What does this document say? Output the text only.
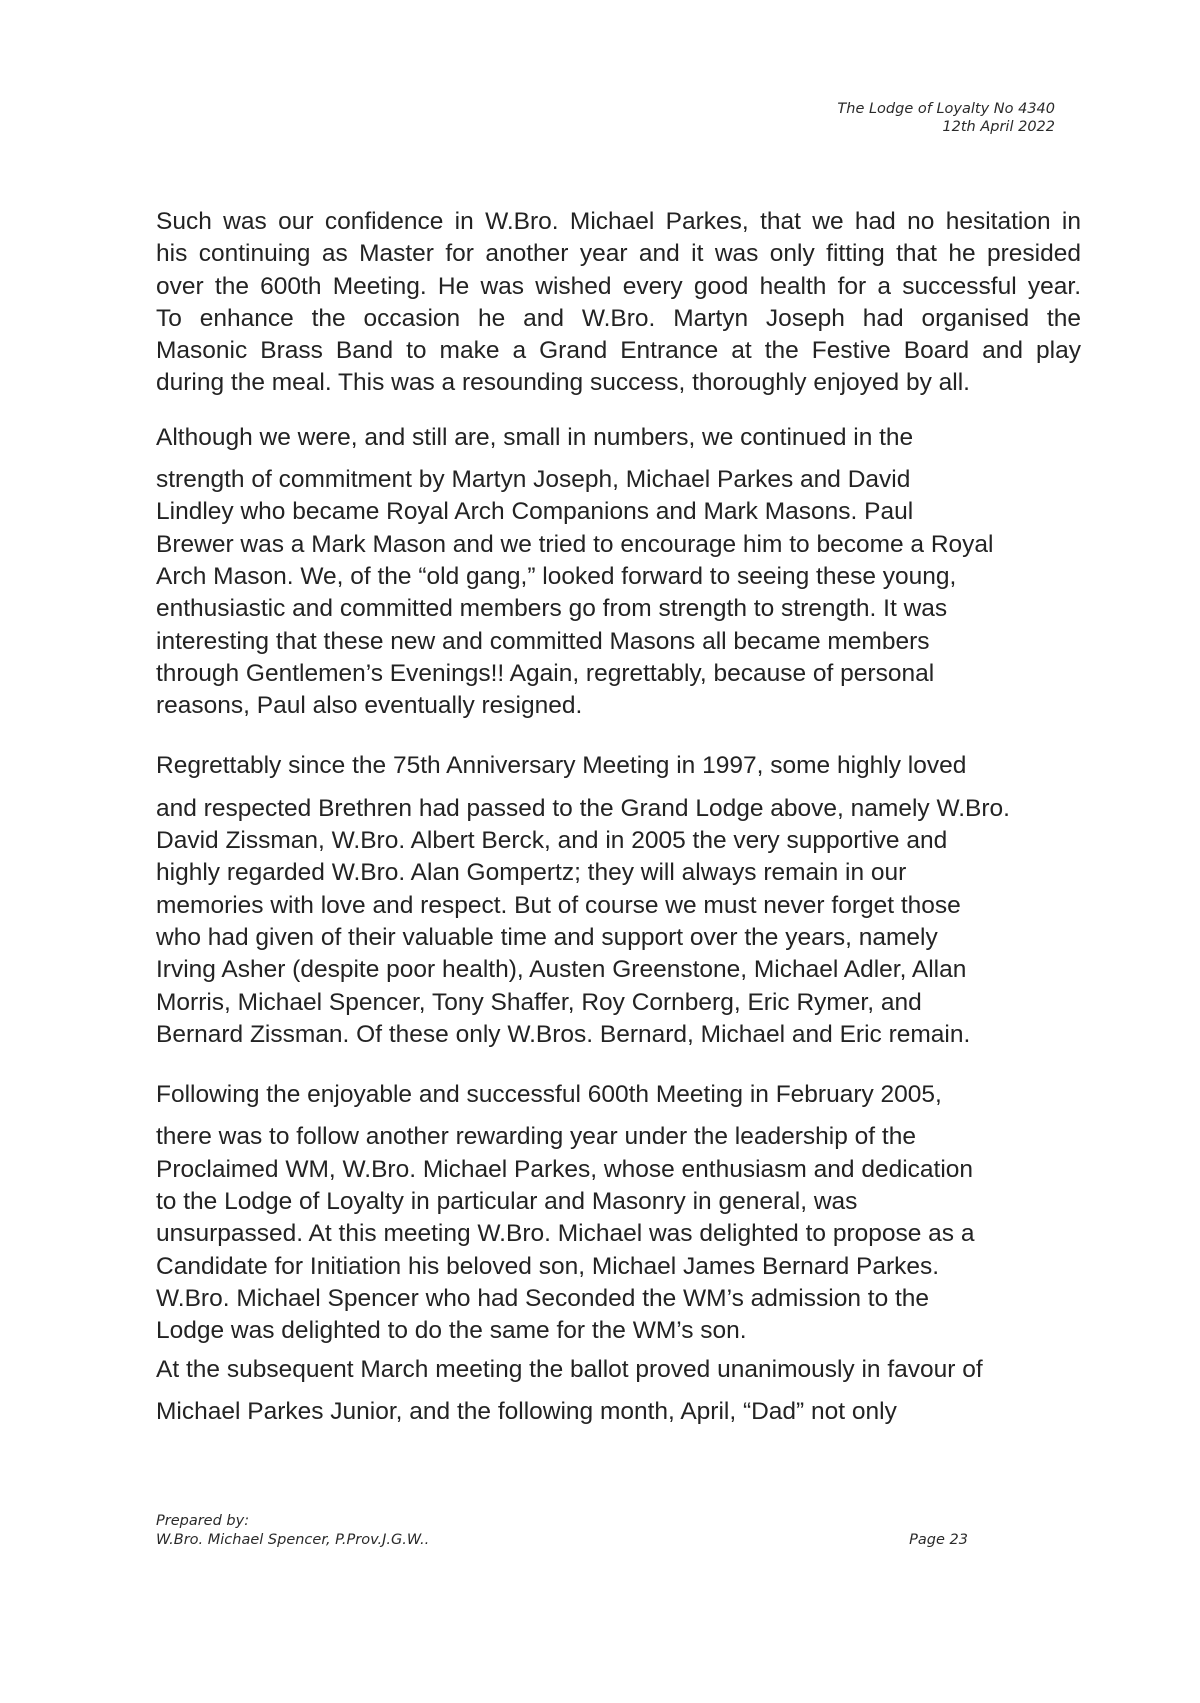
The Lodge of Loyalty No 4340
12th April 2022
Such was our confidence in W.Bro. Michael Parkes, that we had no hesitation in
his continuing as Master for another year and it was only fitting that he presided
over the 600th Meeting. He was wished every good health for a successful year.
To enhance the occasion he and W.Bro. Martyn Joseph had organised the
Masonic Brass Band to make a Grand Entrance at the Festive Board and play
during the meal. This was a resounding success, thoroughly enjoyed by all.
Although we were, and still are, small in numbers, we continued in the
strength of commitment by Martyn Joseph, Michael Parkes and David
Lindley who became Royal Arch Companions and Mark Masons. Paul
Brewer was a Mark Mason and we tried to encourage him to become a Royal
Arch Mason. We, of the “old gang,” looked forward to seeing these young,
enthusiastic and committed members go from strength to strength. It was
interesting that these new and committed Masons all became members
through Gentlemen’s Evenings!! Again, regrettably, because of personal
reasons, Paul also eventually resigned.
Regrettably since the 75th Anniversary Meeting in 1997, some highly loved
and respected Brethren had passed to the Grand Lodge above, namely W.Bro.
David Zissman, W.Bro. Albert Berck, and in 2005 the very supportive and
highly regarded W.Bro. Alan Gompertz; they will always remain in our
memories with love and respect. But of course we must never forget those
who had given of their valuable time and support over the years, namely
Irving Asher (despite poor health), Austen Greenstone, Michael Adler, Allan
Morris, Michael Spencer, Tony Shaffer, Roy Cornberg, Eric Rymer, and
Bernard Zissman. Of these only W.Bros. Bernard, Michael and Eric remain.
Following the enjoyable and successful 600th Meeting in February 2005,
there was to follow another rewarding year under the leadership of the
Proclaimed WM, W.Bro. Michael Parkes, whose enthusiasm and dedication
to the Lodge of Loyalty in particular and Masonry in general, was
unsurpassed. At this meeting W.Bro. Michael was delighted to propose as a
Candidate for Initiation his beloved son, Michael James Bernard Parkes.
W.Bro. Michael Spencer who had Seconded the WM’s admission to the
Lodge was delighted to do the same for the WM’s son.
At the subsequent March meeting the ballot proved unanimously in favour of
Michael Parkes Junior, and the following month, April, “Dad” not only
Prepared by:
W.Bro. Michael Spencer, P.Prov.J.G.W..	Page 23
